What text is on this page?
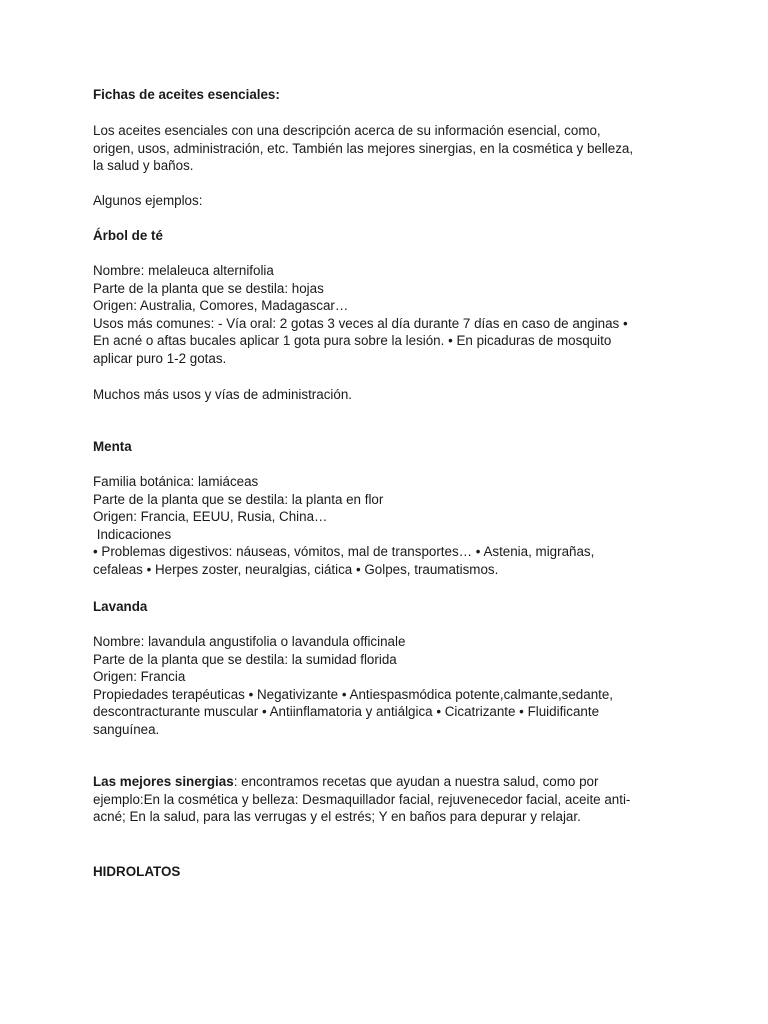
Fichas de aceites esenciales:
Los aceites esenciales con una descripción acerca de su información esencial, como,
origen, usos, administración, etc. También las mejores sinergias, en la cosmética y belleza,
la salud y baños.
Algunos ejemplos:
Árbol de té
Nombre: melaleuca alternifolia
Parte de la planta que se destila: hojas
Origen: Australia, Comores, Madagascar…
Usos más comunes: - Vía oral: 2 gotas 3 veces al día durante 7 días en caso de anginas •
En acné o aftas bucales aplicar 1 gota pura sobre la lesión. • En picaduras de mosquito
aplicar puro 1-2 gotas.
Muchos más usos y vías de administración.
Menta
Familia botánica: lamiáceas
Parte de la planta que se destila: la planta en flor
Origen: Francia, EEUU, Rusia, China…
Indicaciones
• Problemas digestivos: náuseas, vómitos, mal de transportes… • Astenia, migrañas,
cefaleas • Herpes zoster, neuralgias, ciática • Golpes, traumatismos.
Lavanda
Nombre: lavandula angustifolia o lavandula officinale
Parte de la planta que se destila: la sumidad florida
Origen: Francia
Propiedades terapéuticas • Negativizante • Antiespasmódica potente,calmante,sedante,
descontracturante muscular • Antiinflamatoria y antiálgica • Cicatrizante • Fluidificante
sanguínea.
Las mejores sinergias: encontramos recetas que ayudan a nuestra salud, como por
ejemplo:En la cosmética y belleza: Desmaquillador facial, rejuvenecedor facial, aceite anti-
acné; En la salud, para las verrugas y el estrés; Y en baños para depurar y relajar.
HIDROLATOS
